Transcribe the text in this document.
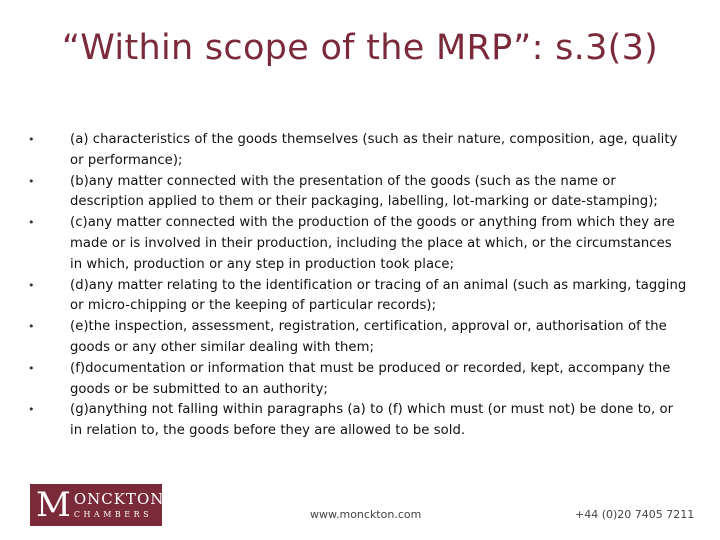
“Within scope of the MRP”: s.3(3)
•	(a) characteristics of the goods themselves (such as their nature, composition, age, quality or performance);
•	(b)any matter connected with the presentation of the goods (such as the name or description applied to them or their packaging, labelling, lot-marking or date-stamping);
•	(c)any matter connected with the production of the goods or anything from which they are made or is involved in their production, including the place at which, or the circumstances in which, production or any step in production took place;
•	(d)any matter relating to the identification or tracing of an animal (such as marking, tagging or micro-chipping or the keeping of particular records);
•	(e)the inspection, assessment, registration, certification, approval or, authorisation of the goods or any other similar dealing with them;
•	(f)documentation or information that must be produced or recorded, kept, accompany the goods or be submitted to an authority;
•	(g)anything not falling within paragraphs (a) to (f) which must (or must not) be done to, or in relation to, the goods before they are allowed to be sold.
M ONCKTON
CHAMBERS	www.monckton.com	+44 (0)20 7405 7211
